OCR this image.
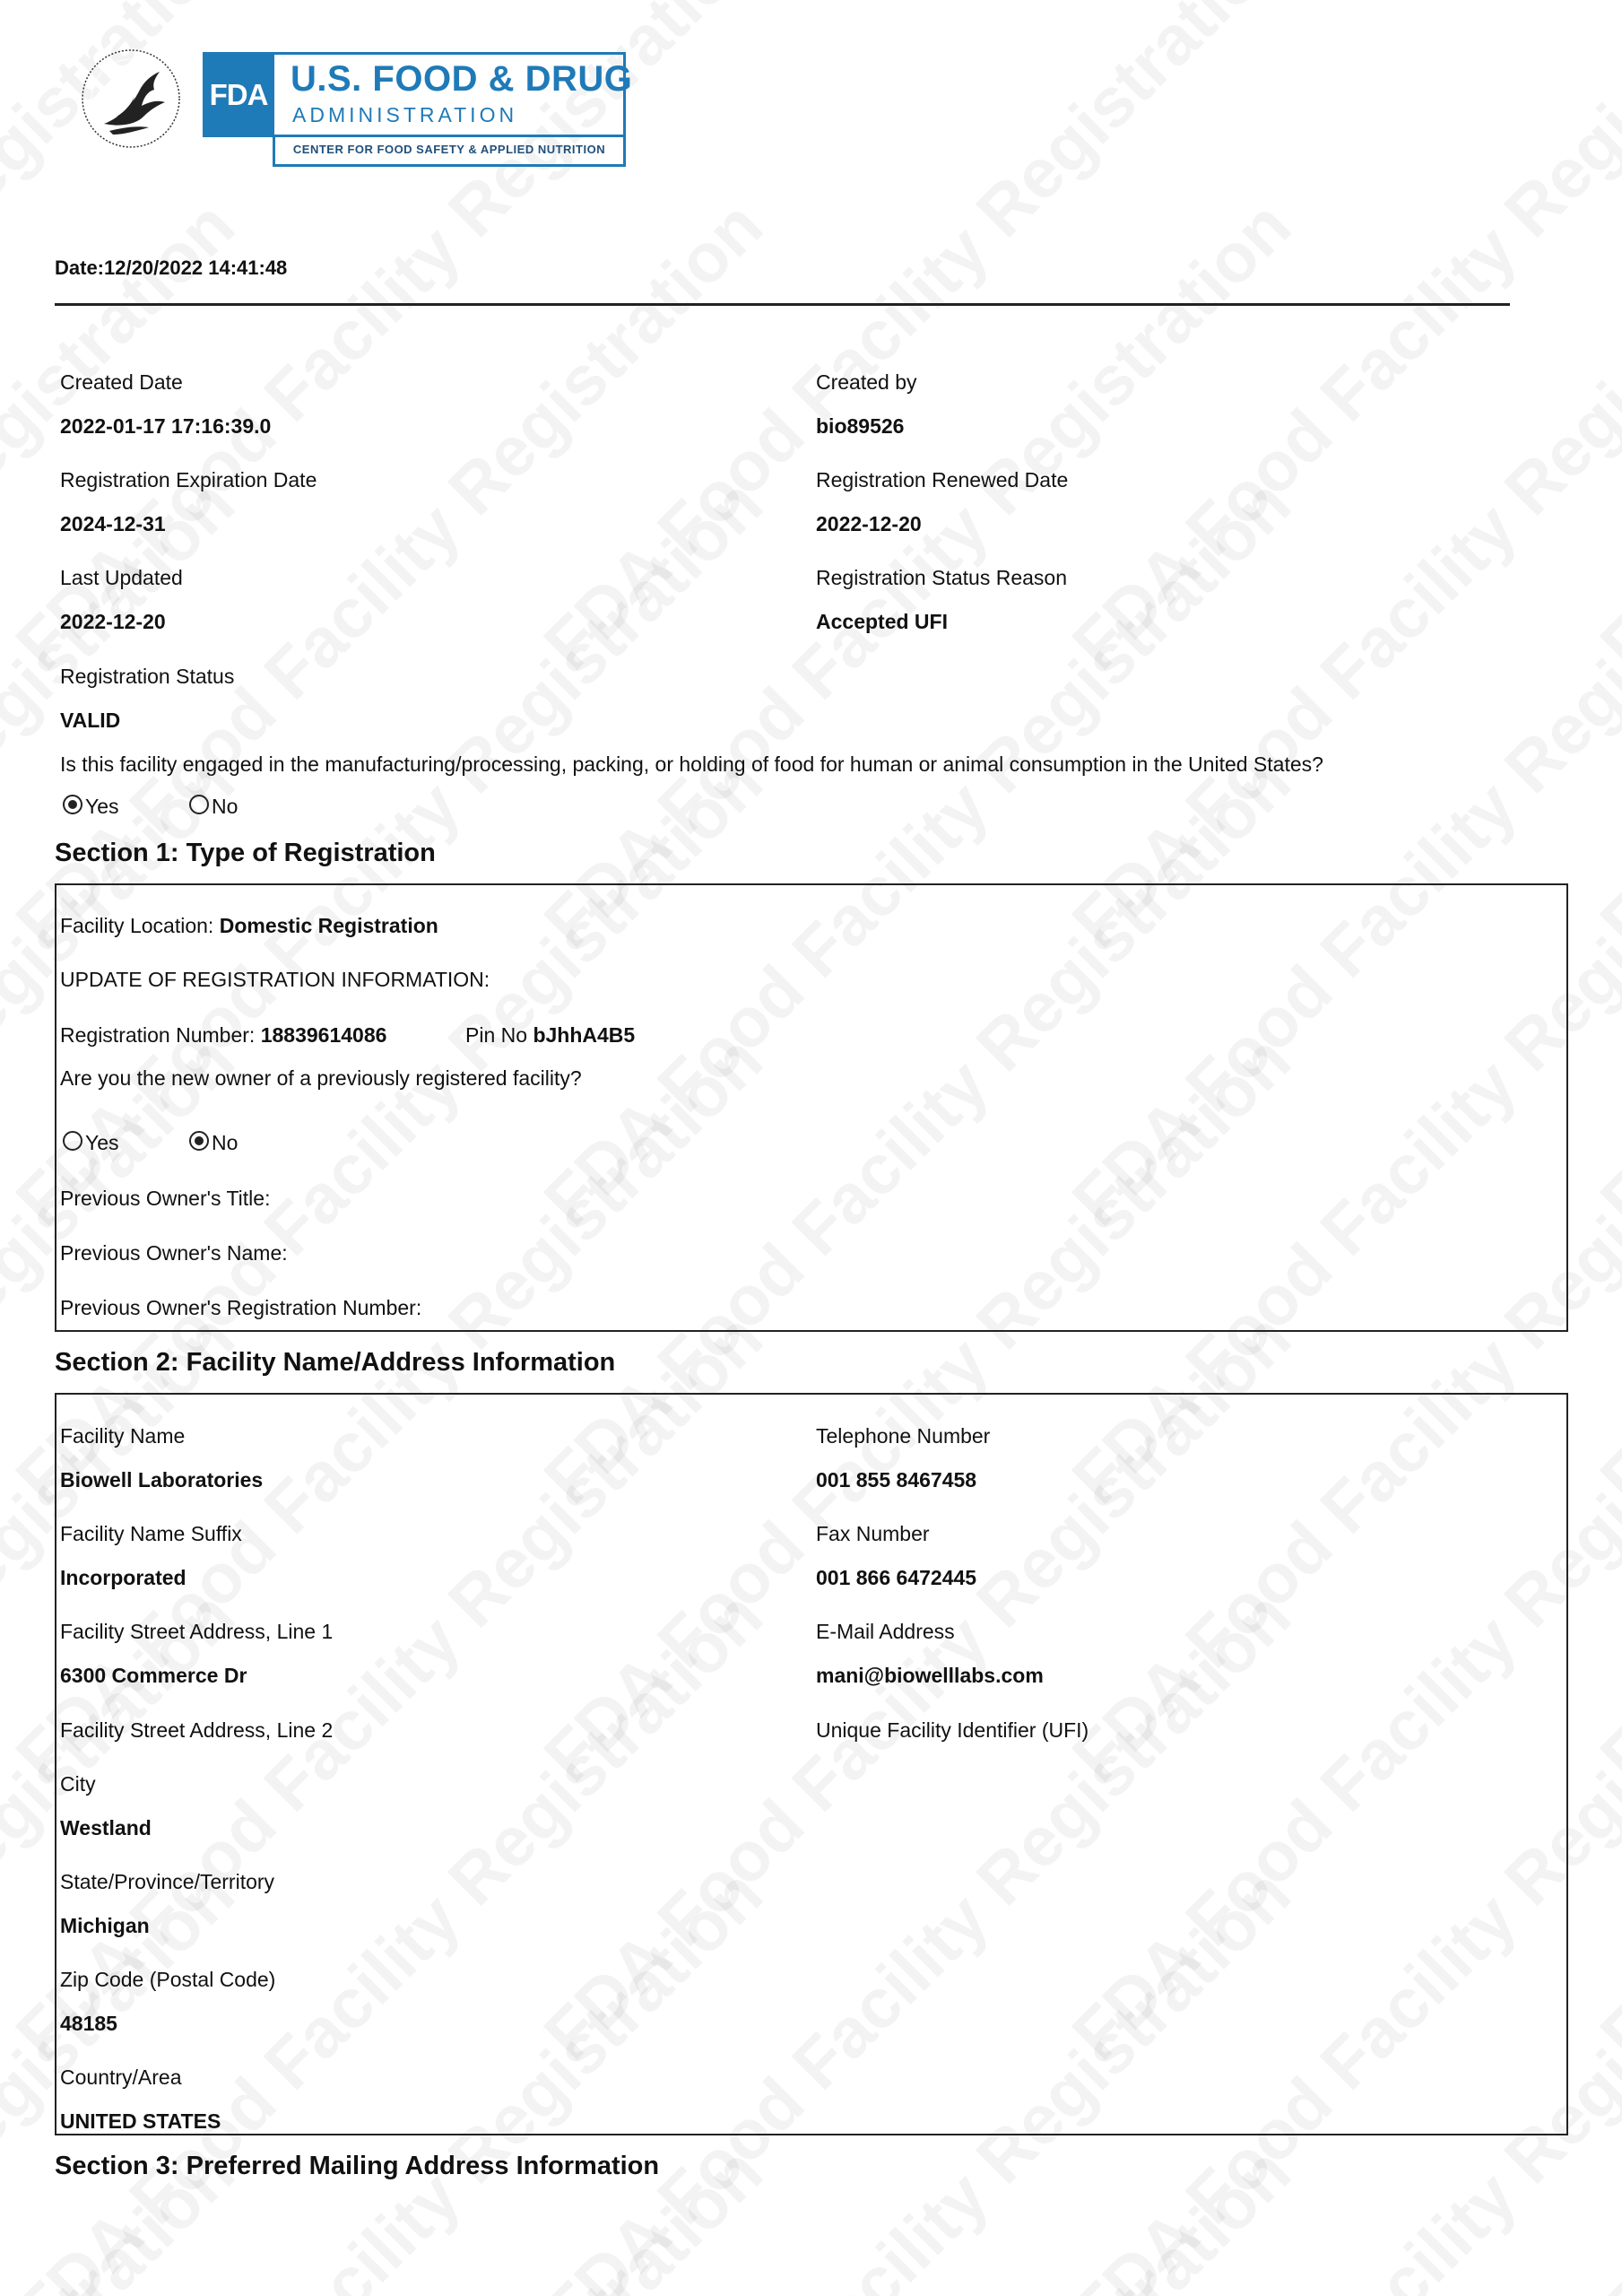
FDA U.S. FOOD & DRUG
ADMINISTRATION
CENTER FOR FOOD SAFETY & APPLIED NUTRITION
Date:12/20/2022 14:41:48
Created Date
2022-01-17 17:16:39.0
Created by
bio89526
Registration Expiration Date
2024-12-31
Registration Renewed Date
2022-12-20
Last Updated
2022-12-20
Registration Status Reason
Accepted UFI
Registration Status
VALID
Is this facility engaged in the manufacturing/processing, packing, or holding of food for human or animal consumption in the United States?
Yes	No
Section 1: Type of Registration
Facility Location: Domestic Registration
UPDATE OF REGISTRATION INFORMATION:
Registration Number: 18839614086	Pin No bJhhA4B5
Are you the new owner of a previously registered facility?
Yes	No
Previous Owner's Title:
Previous Owner's Name:
Previous Owner's Registration Number:
Section 2: Facility Name/Address Information
Facility Name
Biowell Laboratories
Telephone Number
001 855 8467458
Facility Name Suffix
Incorporated
Fax Number
001 866 6472445
Facility Street Address, Line 1
6300 Commerce Dr
E-Mail Address
mani@biowelllabs.com
Facility Street Address, Line 2	Unique Facility Identifier (UFI)
City
Westland
State/Province/Territory
Michigan
Zip Code (Postal Code)
48185
Country/Area
UNITED STATES
Section 3: Preferred Mailing Address Information
